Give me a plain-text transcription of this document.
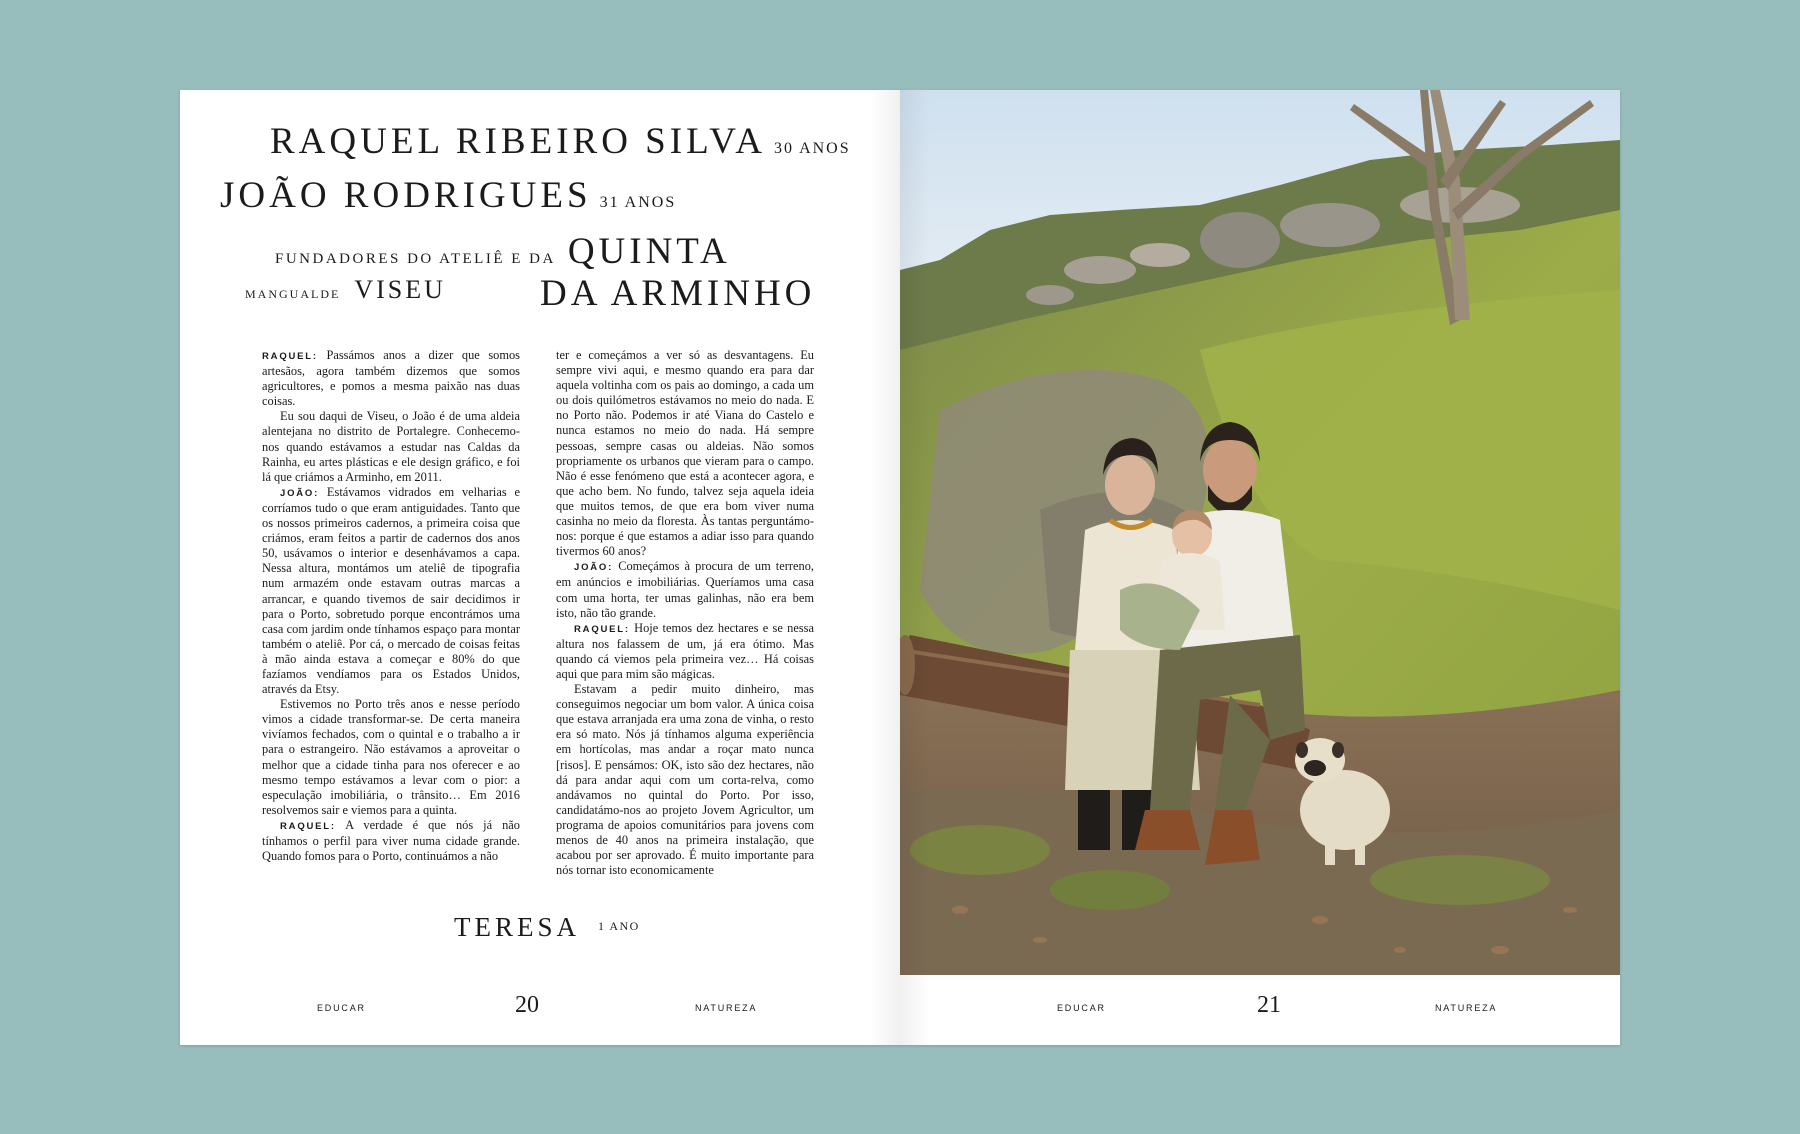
RAQUEL RIBEIRO SILVA 30 ANOS
JOÃO RODRIGUES 31 ANOS
FUNDADORES DO ATELIÊ E DA QUINTA
MANGUALDE VISEU	DA ARMINHO

RAQUEL: Passámos anos a dizer que somos artesãos, agora também dizemos que somos agricultores, e pomos a mesma paixão nas duas coisas.

Eu sou daqui de Viseu, o João é de uma aldeia alentejana no distrito de Portalegre. Conhecemo-nos quando estávamos a estudar nas Caldas da Rainha, eu artes plásticas e ele design gráfico, e foi lá que criámos a Arminho, em 2011.

JOÃO: Estávamos vidrados em velharias e corríamos tudo o que eram antiguidades. Tanto que os nossos primeiros cadernos, a primeira coisa que criámos, eram feitos a partir de cadernos dos anos 50, usávamos o interior e desenhávamos a capa. Nessa altura, montámos um ateliê de tipografia num armazém onde estavam outras marcas a arrancar, e quando tivemos de sair decidimos ir para o Porto, sobretudo porque encontrámos uma casa com jardim onde tínhamos espaço para montar também o ateliê. Por cá, o mercado de coisas feitas à mão ainda estava a começar e 80% do que fazíamos vendíamos para os Estados Unidos, através da Etsy.

Estivemos no Porto três anos e nesse período vimos a cidade transformar-se. De certa maneira vivíamos fechados, com o quintal e o trabalho a ir para o estrangeiro. Não estávamos a aproveitar o melhor que a cidade tinha para nos oferecer e ao mesmo tempo estávamos a levar com o pior: a especulação imobiliária, o trânsito… Em 2016 resolvemos sair e viemos para a quinta.

RAQUEL: A verdade é que nós já não tínhamos o perfil para viver numa cidade grande. Quando fomos para o Porto, continuámos a não

ter e começámos a ver só as desvantagens. Eu sempre vivi aqui, e mesmo quando era para dar aquela voltinha com os pais ao domingo, a cada um ou dois quilómetros estávamos no meio do nada. E no Porto não. Podemos ir até Viana do Castelo e nunca estamos no meio do nada. Há sempre pessoas, sempre casas ou aldeias. Não somos propriamente os urbanos que vieram para o campo. Não é esse fenómeno que está a acontecer agora, e que acho bem. No fundo, talvez seja aquela ideia que muitos temos, de que era bom viver numa casinha no meio da floresta. Às tantas perguntámo-nos: porque é que estamos a adiar isso para quando tivermos 60 anos?

JOÃO: Começámos à procura de um terreno, em anúncios e imobiliárias. Queríamos uma casa com uma horta, ter umas galinhas, não era bem isto, não tão grande.

RAQUEL: Hoje temos dez hectares e se nessa altura nos falassem de um, já era ótimo. Mas quando cá viemos pela primeira vez… Há coisas aqui que para mim são mágicas.

Estavam a pedir muito dinheiro, mas conseguimos negociar um bom valor. A única coisa que estava arranjada era uma zona de vinha, o resto era só mato. Nós já tínhamos alguma experiência em hortícolas, mas andar a roçar mato nunca [risos]. E pensámos: OK, isto são dez hectares, não dá para andar aqui com um corta-relva, como andávamos no quintal do Porto. Por isso, candidatámo-nos ao projeto Jovem Agricultor, um programa de apoios comunitários para jovens com menos de 40 anos na primeira instalação, que acabou por ser aprovado. É muito importante para nós tornar isto economicamente

TERESA $^{1 ANO}$
EDUCAR	20	NATUREZA	EDUCAR	21	NATUREZA
